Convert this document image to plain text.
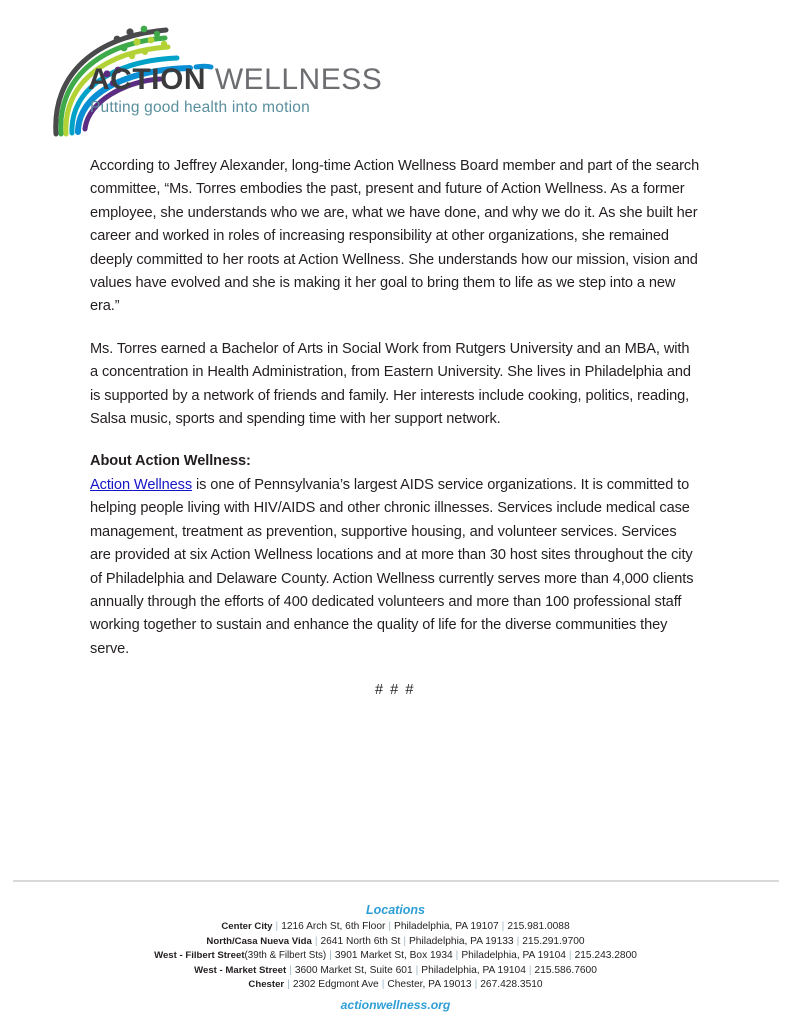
ACTION WELLNESS
Putting good health into motion

According to Jeffrey Alexander, long-time Action Wellness Board member and part of the search committee, “Ms. Torres embodies the past, present and future of Action Wellness. As a former employee, she understands who we are, what we have done, and why we do it. As she built her career and worked in roles of increasing responsibility at other organizations, she remained deeply committed to her roots at Action Wellness. She understands how our mission, vision and values have evolved and she is making it her goal to bring them to life as we step into a new era.”

Ms. Torres earned a Bachelor of Arts in Social Work from Rutgers University and an MBA, with a concentration in Health Administration, from Eastern University. She lives in Philadelphia and is supported by a network of friends and family. Her interests include cooking, politics, reading, Salsa music, sports and spending time with her support network.

About Action Wellness:

Action Wellness is one of Pennsylvania’s largest AIDS service organizations. It is committed to helping people living with HIV/AIDS and other chronic illnesses. Services include medical case management, treatment as prevention, supportive housing, and volunteer services. Services are provided at six Action Wellness locations and at more than 30 host sites throughout the city of Philadelphia and Delaware County. Action Wellness currently serves more than 4,000 clients annually through the efforts of 400 dedicated volunteers and more than 100 professional staff working together to sustain and enhance the quality of life for the diverse communities they serve.

# # #

Locations

Center City | 1216 Arch St, 6th Floor | Philadelphia, PA 19107 | 215.981.0088

North/Casa Nueva Vida | 2641 North 6th St | Philadelphia, PA 19133 | 215.291.9700

West - Filbert Street(39th & Filbert Sts) | 3901 Market St, Box 1934 | Philadelphia, PA 19104 | 215.243.2800

West - Market Street | 3600 Market St, Suite 601 | Philadelphia, PA 19104 | 215.586.7600

Chester | 2302 Edgmont Ave | Chester, PA 19013 | 267.428.3510

actionwellness.org
